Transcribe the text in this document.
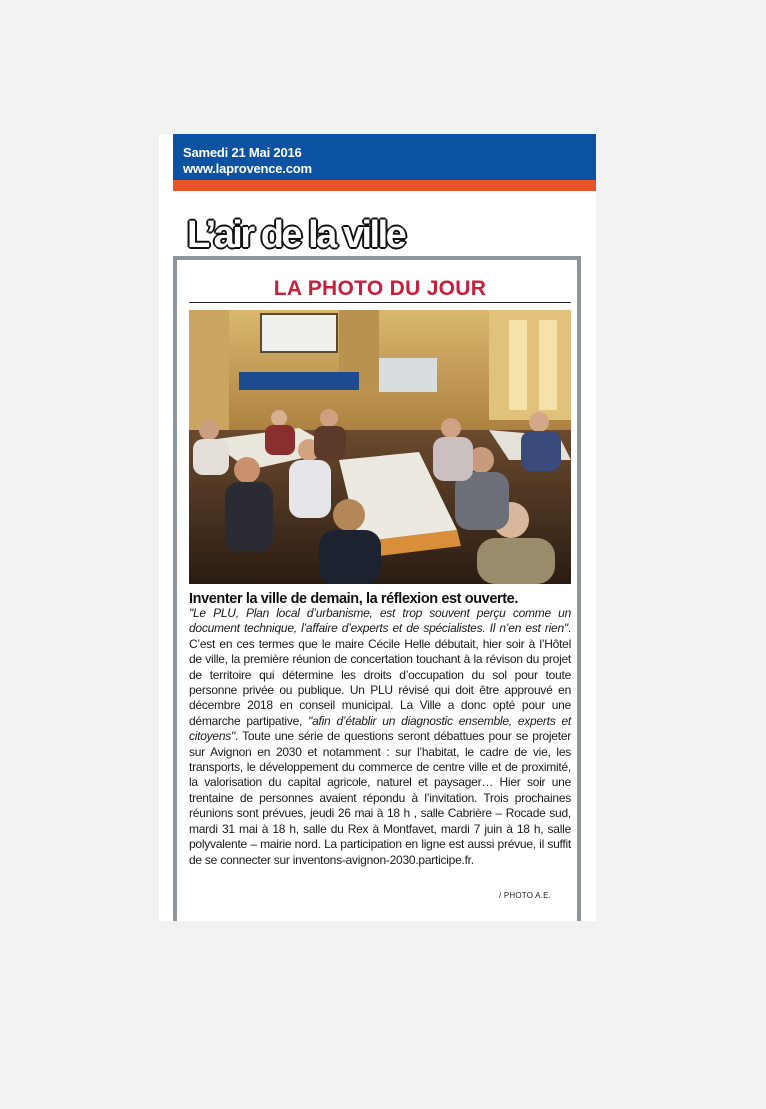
Samedi 21 Mai 2016
www.laprovence.com
L’air de la ville
LA PHOTO DU JOUR
Inventer la ville de demain, la réflexion est ouverte.
"Le PLU, Plan local d’urbanisme, est trop souvent perçu comme un document technique, l’affaire d’experts et de spécialistes. Il n’en est rien". C’est en ces termes que le maire Cécile Helle débutait, hier soir à l’Hôtel de ville, la première réunion de concertation touchant à la révison du projet de territoire qui détermine les droits d’occupation du sol pour toute personne privée ou publique. Un PLU révisé qui doit être approuvé en décembre 2018 en conseil municipal. La Ville a donc opté pour une démarche partipative, "afin d’établir un diagnostic ensemble, experts et citoyens". Toute une série de questions seront débattues pour se projeter sur Avignon en 2030 et notamment : sur l’habitat, le cadre de vie, les transports, le développement du commerce de centre ville et de proximité, la valorisation du capital agricole, naturel et paysager… Hier soir une trentaine de personnes avaient répondu à l’invitation. Trois prochaines réunions sont prévues, jeudi 26 mai à 18 h , salle Cabrière – Rocade sud, mardi 31 mai à 18 h, salle du Rex à Montfavet, mardi 7 juin à 18 h, salle polyvalente – mairie nord. La participation en ligne est aussi prévue, il suffit de se connecter sur inventons-avignon-2030.participe.fr.
/ PHOTO A.E.
